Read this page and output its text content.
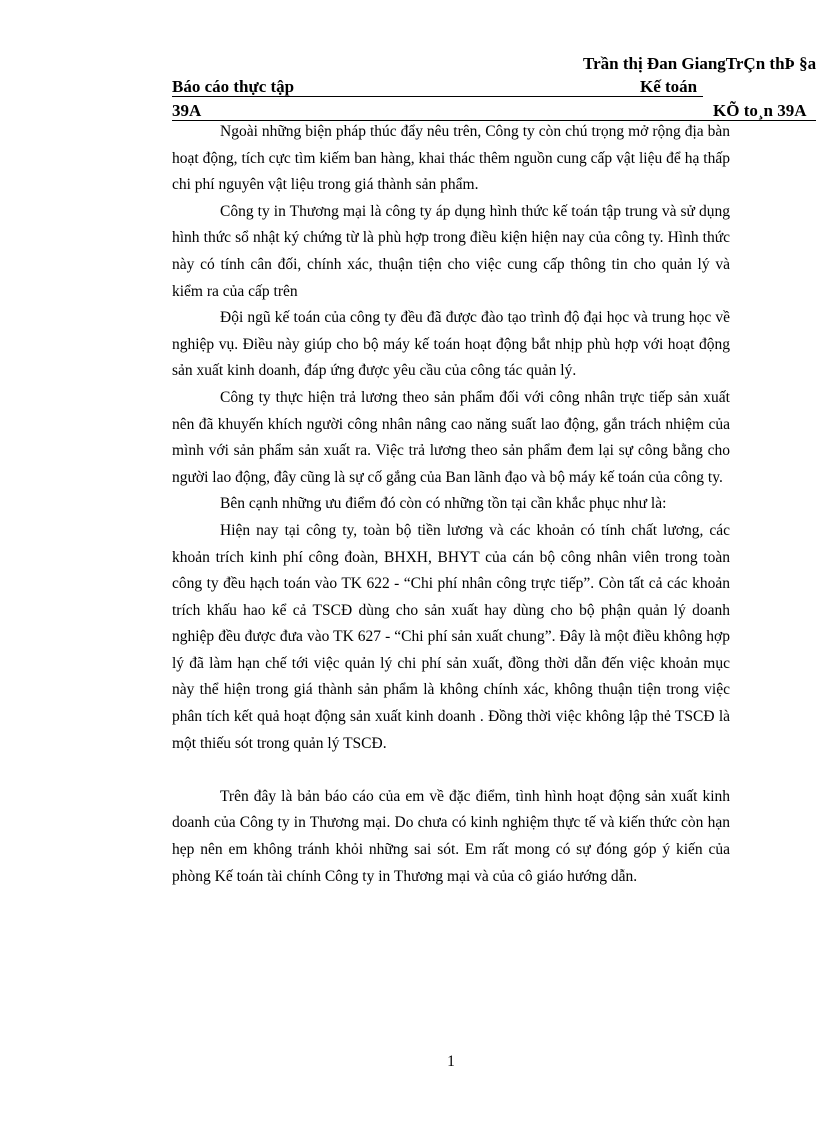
Trần thị Đan GiangTrÇn thÞ §a
Báo cáo thực tập	Kế toán
39A	KÕ to¸n 39A

Ngoài những biện pháp thúc đẩy nêu trên, Công ty còn chú trọng mở rộng địa bàn hoạt động, tích cực tìm kiếm ban hàng, khai thác thêm nguồn cung cấp vật liệu để hạ thấp chi phí nguyên vật liệu trong giá thành sản phẩm.

Công ty in Thương mại là công ty áp dụng hình thức kế toán tập trung và sử dụng hình thức sổ nhật ký chứng từ là phù hợp trong điều kiện hiện nay của công ty. Hình thức này có tính cân đối, chính xác, thuận tiện cho việc cung cấp thông tin cho quản lý và kiểm ra của cấp trên

Đội ngũ kế toán của công ty đều đã được đào tạo trình độ đại học và trung học về nghiệp vụ. Điều này giúp cho bộ máy kế toán hoạt động bắt nhịp phù hợp với hoạt động sản xuất kinh doanh, đáp ứng được yêu cầu của công tác quản lý.

Công ty thực hiện trả lương theo sản phẩm đối với công nhân trực tiếp sản xuất nên đã khuyến khích người công nhân nâng cao năng suất lao động, gắn trách nhiệm của mình với sản phẩm sản xuất ra. Việc trả lương theo sản phẩm đem lại sự công bằng cho người lao động, đây cũng là sự cố gắng của Ban lãnh đạo và bộ máy kế toán của công ty.

Bên cạnh những ưu điểm đó còn có những tồn tại cần khắc phục như là:

Hiện nay tại công ty, toàn bộ tiền lương và các khoản có tính chất lương, các khoản trích kinh phí công đoàn, BHXH, BHYT của cán bộ công nhân viên trong toàn công ty đều hạch toán vào TK 622 - “Chi phí nhân công trực tiếp”. Còn tất cả các khoản trích khấu hao kể cả TSCĐ dùng cho sản xuất hay dùng cho bộ phận quản lý doanh nghiệp đều được đưa vào TK 627 - “Chi phí sản xuất chung”. Đây là một điều không hợp lý đã làm hạn chế tới việc quản lý chi phí sản xuất, đồng thời dẫn đến việc khoản mục này thể hiện trong giá thành sản phẩm là không chính xác, không thuận tiện trong việc phân tích kết quả hoạt động sản xuất kinh doanh . Đồng thời việc không lập thẻ TSCĐ là một thiếu sót trong quản lý TSCĐ.

Trên đây là bản báo cáo của em về đặc điểm, tình hình hoạt động sản xuất kinh doanh của Công ty in Thương mại. Do chưa có kinh nghiệm thực tế và kiến thức còn hạn hẹp nên em không tránh khỏi những sai sót. Em rất mong có sự đóng góp ý kiến của phòng Kế toán tài chính Công ty in Thương mại và của cô giáo hướng dẫn.

1
